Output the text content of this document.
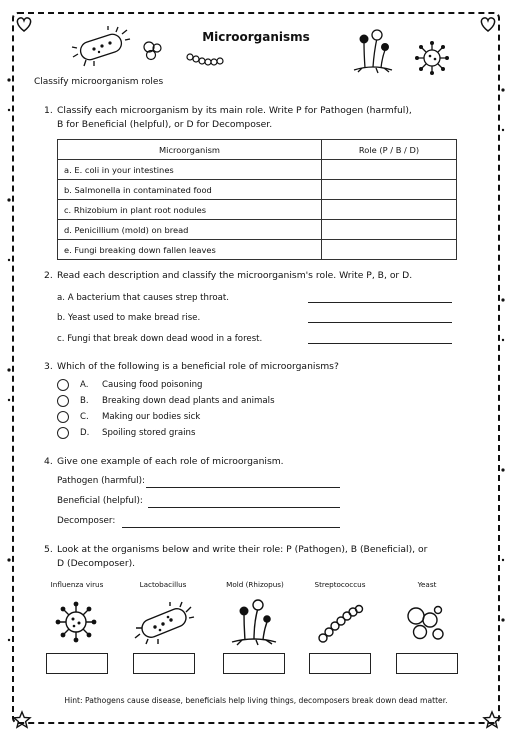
Microorganisms
Classify microorganism roles
1. Classify each microorganism by its main role. Write P for Pathogen (harmful),
B for Beneficial (helpful), or D for Decomposer.
Microorganism	Role (P / B / D)
a. E. coli in your intestines	
b. Salmonella in contaminated food	
c. Rhizobium in plant root nodules	
d. Penicillium (mold) on bread	
e. Fungi breaking down fallen leaves	
2. Read each description and classify the microorganism's role. Write P, B, or D.
a. A bacterium that causes strep throat.
b. Yeast used to make bread rise.
c. Fungi that break down dead wood in a forest.
3. Which of the following is a beneficial role of microorganisms?
A.	Causing food poisoning
B.	Breaking down dead plants and animals
C.	Making our bodies sick
D.	Spoiling stored grains
4. Give one example of each role of microorganism.
Pathogen (harmful):
Beneficial (helpful):
Decomposer:
5. Look at the organisms below and write their role: P (Pathogen), B (Beneficial), or
D (Decomposer).
Influenza virus	Lactobacillus	Mold (Rhizopus)	Streptococcus	Yeast
Hint: Pathogens cause disease, beneficials help living things, decomposers break down dead matter.
